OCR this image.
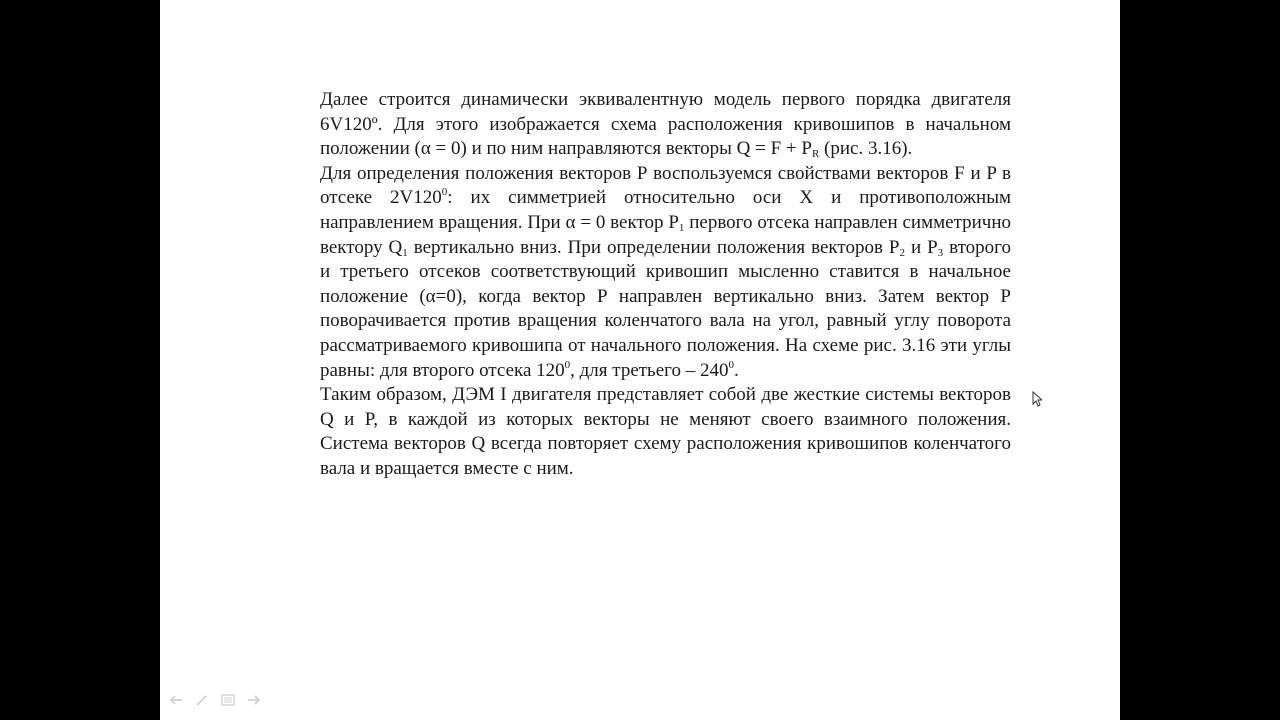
Далее строится динамически эквивалентную модель первого порядка двигателя 6V120º. Для этого изображается схема расположения кривошипов в начальном положении (α = 0) и по ним направляются векторы $Q = F + P_R$ (рис. 3.16).

Для определения положения векторов Р воспользуемся свойствами векторов F и P в отсеке $2V120^0$: их симметрией относительно оси Х и противоположным направлением вращения. При α = 0 вектор $P_1$ первого отсека направлен симметрично вектору $Q_1$ вертикально вниз. При определении положения векторов $P_2$ и $P_3$ второго и третьего отсеков соответствующий кривошип мысленно ставится в начальное положение (α=0), когда вектор Р направлен вертикально вниз. Затем вектор Р поворачивается против вращения коленчатого вала на угол, равный углу поворота рассматриваемого кривошипа от начального положения. На схеме рис. 3.16 эти углы равны: для второго отсека $120^0$, для третьего – $240^0$.

Таким образом, ДЭМ I двигателя представляет собой две жесткие системы векторов Q и P, в каждой из которых векторы не меняют своего взаимного положения. Система векторов Q всегда повторяет схему расположения кривошипов коленчатого вала и вращается вместе с ним.
